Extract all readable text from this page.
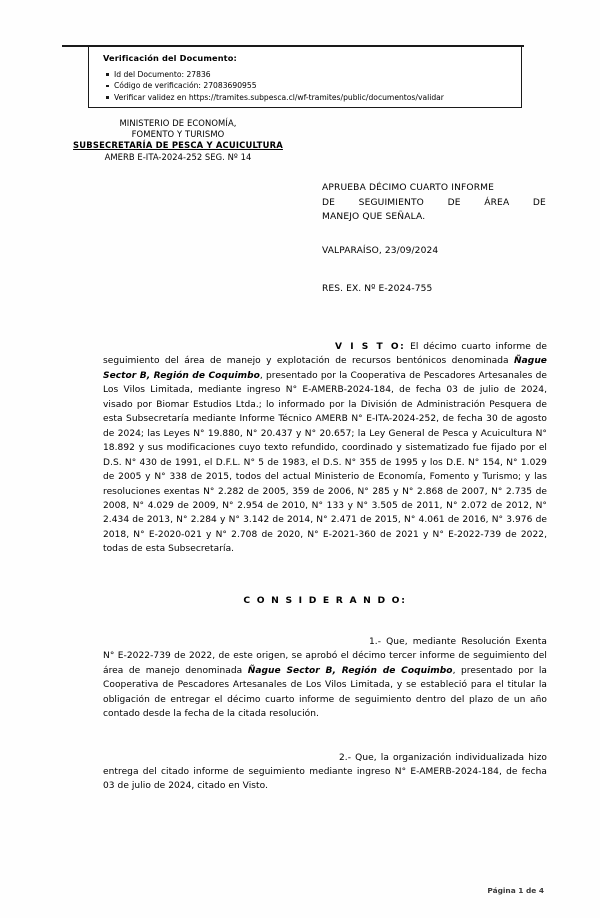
Verificación del Documento:
Id del Documento: 27836
Código de verificación: 27083690955
Verificar validez en https://tramites.subpesca.cl/wf-tramites/public/documentos/validar
MINISTERIO DE ECONOMÍA,
FOMENTO Y TURISMO
SUBSECRETARÍA DE PESCA Y ACUICULTURA
AMERB E-ITA-2024-252 SEG. Nº 14
APRUEBA DÉCIMO CUARTO INFORME
DE	SEGUIMIENTO	DE	ÁREA	DE
MANEJO QUE SEÑALA.
VALPARAÍSO, 23/09/2024
RES. EX. Nº E-2024-755

V I S T O: El décimo cuarto informe de seguimiento del área de manejo y explotación de recursos bentónicos denominada Ñague Sector B, Región de Coquimbo, presentado por la Cooperativa de Pescadores Artesanales de Los Vilos Limitada, mediante ingreso N° E-AMERB-2024-184, de fecha 03 de julio de 2024, visado por Biomar Estudios Ltda.; lo informado por la División de Administración Pesquera de esta Subsecretaría mediante Informe Técnico AMERB N° E-ITA-2024-252, de fecha 30 de agosto de 2024; las Leyes N° 19.880, N° 20.437 y N° 20.657; la Ley General de Pesca y Acuicultura N° 18.892 y sus modificaciones cuyo texto refundido, coordinado y sistematizado fue fijado por el D.S. N° 430 de 1991, el D.F.L. N° 5 de 1983, el D.S. N° 355 de 1995 y los D.E. N° 154, N° 1.029 de 2005 y N° 338 de 2015, todos del actual Ministerio de Economía, Fomento y Turismo; y las resoluciones exentas N° 2.282 de 2005, 359 de 2006, N° 285 y N° 2.868 de 2007, N° 2.735 de 2008, N° 4.029 de 2009, N° 2.954 de 2010, N° 133 y N° 3.505 de 2011, N° 2.072 de 2012, N° 2.434 de 2013, N° 2.284 y N° 3.142 de 2014, N° 2.471 de 2015, N° 4.061 de 2016, N° 3.976 de 2018, N° E-2020-021 y N° 2.708 de 2020, N° E-2021-360 de 2021 y N° E-2022-739 de 2022, todas de esta Subsecretaría.

C O N S I D E R A N D O:

1.- Que, mediante Resolución Exenta N° E-2022-739 de 2022, de este origen, se aprobó el décimo tercer informe de seguimiento del área de manejo denominada Ñague Sector B, Región de Coquimbo, presentado por la Cooperativa de Pescadores Artesanales de Los Vilos Limitada, y se estableció para el titular la obligación de entregar el décimo cuarto informe de seguimiento dentro del plazo de un año contado desde la fecha de la citada resolución.

2.- Que, la organización individualizada hizo entrega del citado informe de seguimiento mediante ingreso N° E-AMERB-2024-184, de fecha 03 de julio de 2024, citado en Visto.

Página 1 de 4
